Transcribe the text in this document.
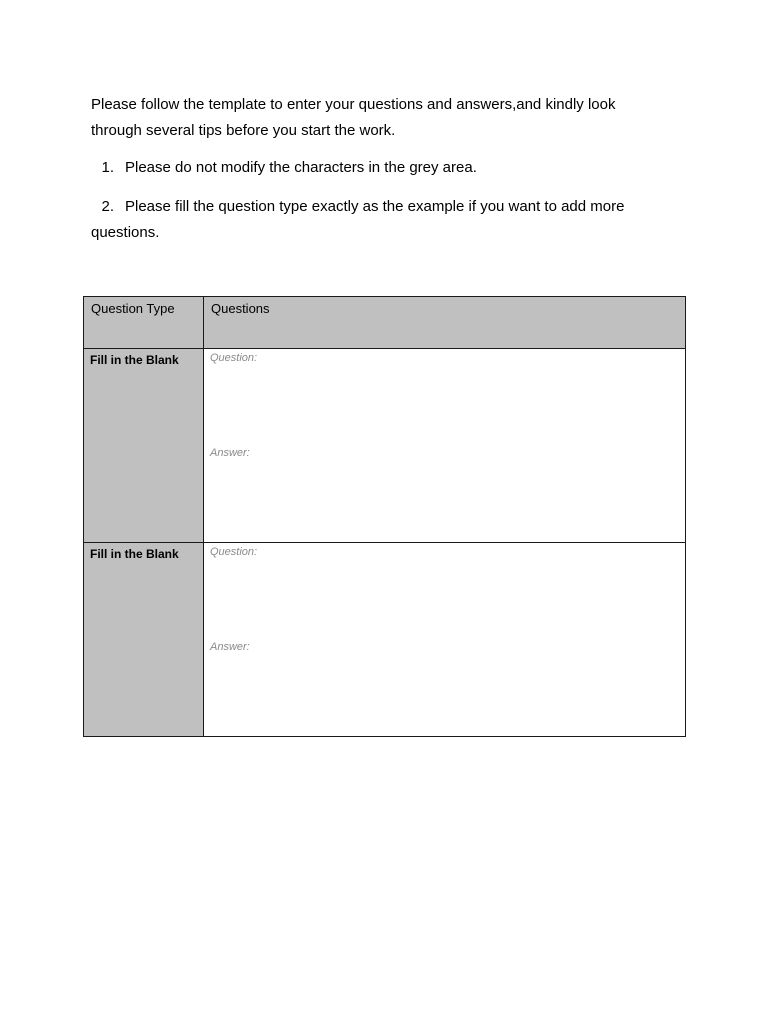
Please follow the template to enter your questions and answers,and kindly look
through several tips before you start the work.

1. Please do not modify the characters in the grey area.

2. Please fill the question type exactly as the example if you want to add more
questions.

Question Type	Questions
Fill in the Blank	Question:
Answer:

Fill in the Blank	Question:
Answer:
